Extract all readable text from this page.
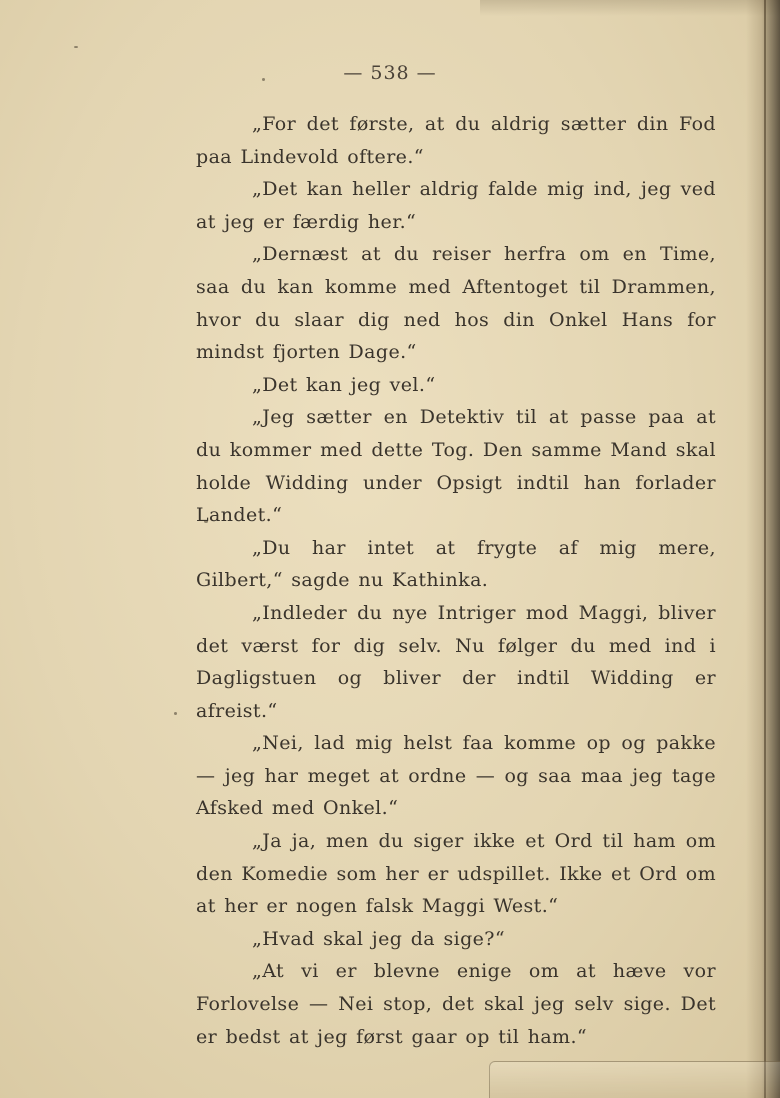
— 538 —

„For det første, at du aldrig sætter din Fod paa Lindevold oftere.“

„Det kan heller aldrig falde mig ind, jeg ved at jeg er færdig her.“

„Dernæst at du reiser herfra om en Time, saa du kan komme med Aftentoget til Drammen, hvor du slaar dig ned hos din Onkel Hans for mindst fjorten Dage.“

„Det kan jeg vel.“

„Jeg sætter en Detektiv til at passe paa at du kommer med dette Tog. Den samme Mand skal holde Widding under Opsigt indtil han forlader Landet.“

„Du har intet at frygte af mig mere, Gilbert,“ sagde nu Kathinka.

„Indleder du nye Intriger mod Maggi, bliver det værst for dig selv. Nu følger du med ind i Dagligstuen og bliver der indtil Widding er afreist.“

„Nei, lad mig helst faa komme op og pakke — jeg har meget at ordne — og saa maa jeg tage Afsked med Onkel.“

„Ja ja, men du siger ikke et Ord til ham om den Komedie som her er udspillet. Ikke et Ord om at her er nogen falsk Maggi West.“

„Hvad skal jeg da sige?“

„At vi er blevne enige om at hæve vor Forlovelse — Nei stop, det skal jeg selv sige. Det er bedst at jeg først gaar op til ham.“
